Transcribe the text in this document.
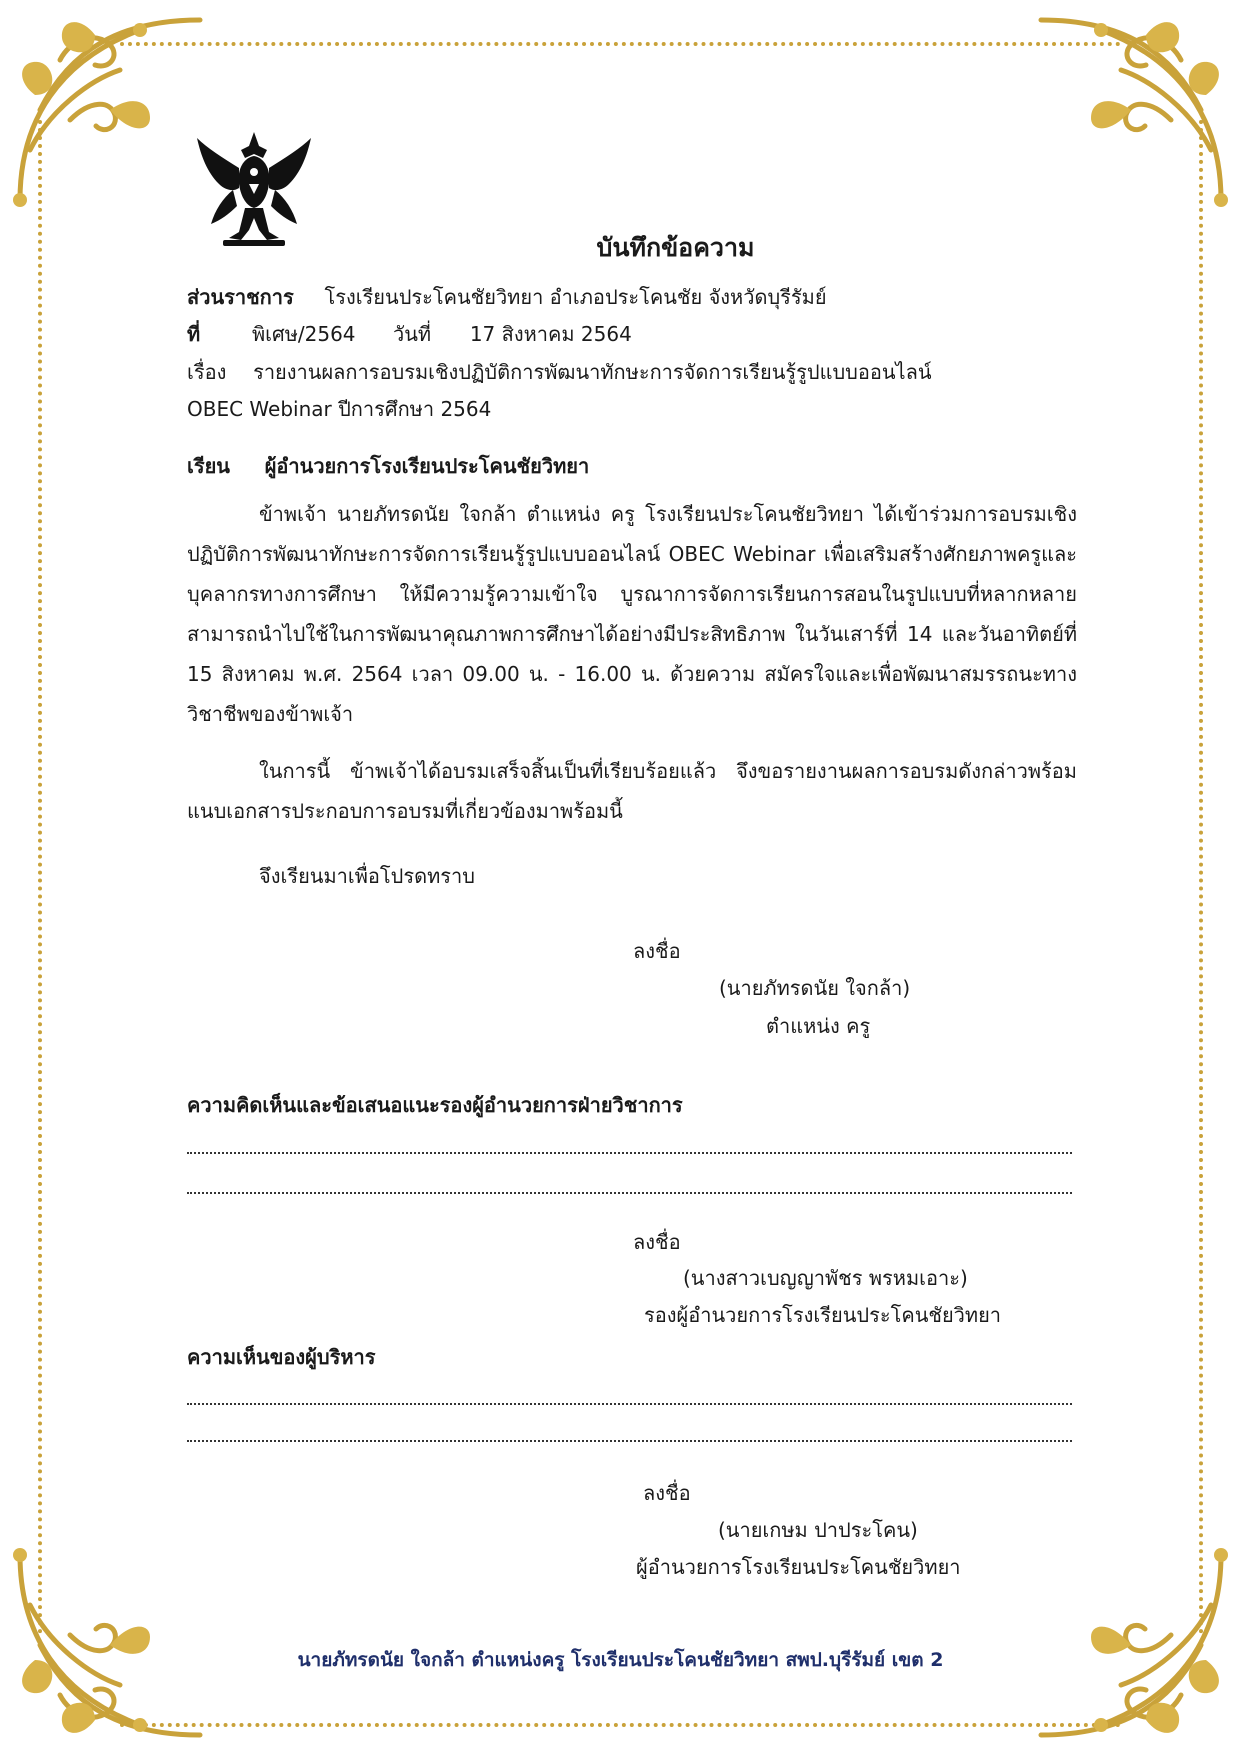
บันทึกข้อความ
ส่วนราชการ โรงเรียนประโคนชัยวิทยา อำเภอประโคนชัย จังหวัดบุรีรัมย์
ที่	พิเศษ/2564 วันที่ 17 สิงหาคม 2564
เรื่อง รายงานผลการอบรมเชิงปฏิบัติการพัฒนาทักษะการจัดการเรียนรู้รูปแบบออนไลน์
OBEC Webinar ปีการศึกษา 2564
เรียน ผู้อำนวยการโรงเรียนประโคนชัยวิทยา
ข้าพเจ้า นายภัทรดนัย ใจกล้า ตำแหน่ง ครู โรงเรียนประโคนชัยวิทยา ได้เข้าร่วมการอบรมเชิงปฏิบัติการพัฒนาทักษะการจัดการเรียนรู้รูปแบบออนไลน์ OBEC Webinar เพื่อเสริมสร้างศักยภาพครูและบุคลากรทางการศึกษา ให้มีความรู้ความเข้าใจ บูรณาการจัดการเรียนการสอนในรูปแบบที่หลากหลาย สามารถนำไปใช้ในการพัฒนาคุณภาพการศึกษาได้อย่างมีประสิทธิภาพ ในวันเสาร์ที่ 14 และวันอาทิตย์ที่ 15 สิงหาคม พ.ศ. 2564 เวลา 09.00 น. - 16.00 น. ด้วยความ สมัครใจและเพื่อพัฒนาสมรรถนะทางวิชาชีพของข้าพเจ้า
ในการนี้ ข้าพเจ้าได้อบรมเสร็จสิ้นเป็นที่เรียบร้อยแล้ว จึงขอรายงานผลการอบรมดังกล่าวพร้อมแนบเอกสารประกอบการอบรมที่เกี่ยวข้องมาพร้อมนี้
จึงเรียนมาเพื่อโปรดทราบ
ลงชื่อ
(นายภัทรดนัย ใจกล้า)
ตำแหน่ง ครู
ความคิดเห็นและข้อเสนอแนะรองผู้อำนวยการฝ่ายวิชาการ
ลงชื่อ
(นางสาวเบญญาพัชร พรหมเอาะ)
รองผู้อำนวยการโรงเรียนประโคนชัยวิทยา
ความเห็นของผู้บริหาร
ลงชื่อ
(นายเกษม ปาประโคน)
ผู้อำนวยการโรงเรียนประโคนชัยวิทยา
นายภัทรดนัย ใจกล้า ตำแหน่งครู โรงเรียนประโคนชัยวิทยา สพป.บุรีรัมย์ เขต 2
